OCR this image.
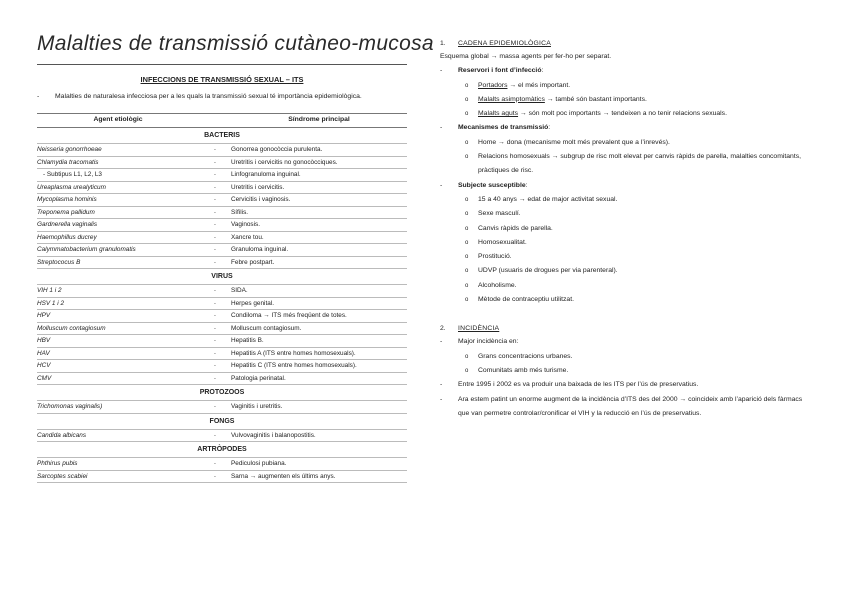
Malalties de transmissió cutàneo-mucosa
INFECCIONS DE TRANSMISSIÓ SEXUAL – ITS
- Malalties de naturalesa infecciosa per a les quals la transmissió sexual té importància epidemiològica.
Agent etiològic		Síndrome principal
BACTERIS		
Neisseria gonorrhoeae	-	Gonorrea gonocòccia purulenta.
Chlamydia tracomatis	-	Uretritis i cervicitis no gonocòcciques.
- Subtipus L1, L2, L3	-	Linfogranuloma inguinal.
Ureaplasma urealyticum	-	Uretritis i cervicitis.
Mycoplasma hominis	-	Cervicitis i vaginosis.
Treponema pallidum	-	Sífilis.
Gardnerella vaginalis	-	Vaginosis.
Haemophillus ducrey	-	Xancre tou.
Calymmatobacterium granulomatis	-	Granuloma inguinal.
Streptococus B	-	Febre postpart.
VIRUS		
VIH 1 i 2	-	SIDA.
HSV 1 i 2	-	Herpes genital.
HPV	-	Condiloma → ITS més freqüent de totes.
Molluscum contagiosum	-	Molluscum contagiosum.
HBV	-	Hepatitis B.
HAV	-	Hepatitis A (ITS entre homes homosexuals).
HCV	-	Hepatitis C (ITS entre homes homosexuals).
CMV	-	Patologia perinatal.
PROTOZOOS		
Trichomonas vaginalis)	-	Vaginitis i uretritis.
FONGS		
Candida albicans	-	Vulvovaginitis i balanopostitis.
ARTRÒPODES		
Phthirus pubis	-	Pediculosi pubiana.
Sarcoptes scabiei	-	Sarna → augmenten els últims anys.
1.	CADENA EPIDEMIOLÒGICA
Esquema global → massa agents per fer-ho per separat.
- Reservori i font d’infecció:
o Portadors → el més important.
o Malalts asimptomàtics → també són bastant importants.
o Malalts aguts → són molt poc importants → tendeixen a no tenir relacions sexuals.
- Mecanismes de transmissió:
o Home → dona (mecanisme molt més prevalent que a l’inrevés).
o Relacions homosexuals → subgrup de risc molt elevat per canvis ràpids de parella, malalties concomitants, pràctiques de risc.
- Subjecte susceptible:
o 15 a 40 anys → edat de major activitat sexual.
o Sexe masculí.
o Canvis ràpids de parella.
o Homosexualitat.
o Prostitució.
o UDVP (usuaris de drogues per via parenteral).
o Alcoholisme.
o Mètode de contraceptiu utilitzat.
2.	INCIDÈNCIA
- Major incidència en:
o Grans concentracions urbanes.
o Comunitats amb més turisme.
- Entre 1995 i 2002 es va produir una baixada de les ITS per l’ús de preservatius.
- Ara estem patint un enorme augment de la incidència d’ITS des del 2000 → coincideix amb l’aparició dels fàrmacs que van permetre controlar/cronificar el VIH y la reducció en l’ús de preservatius.
